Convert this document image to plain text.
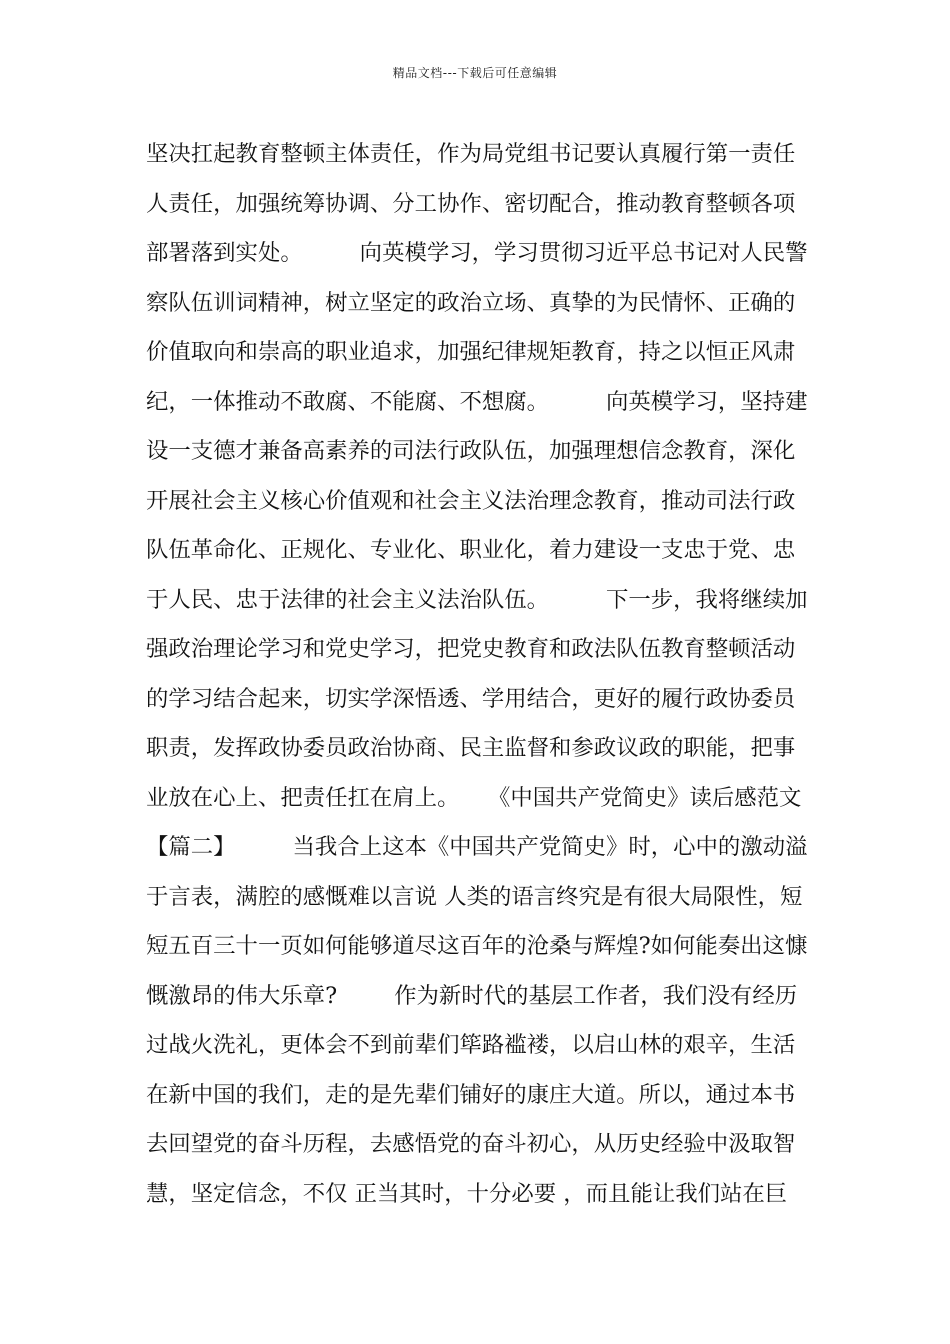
精品文档---下载后可任意编辑
坚决扛起教育整顿主体责任，作为局党组书记要认真履行第一责任
人责任，加强统筹协调、分工协作、密切配合，推动教育整顿各项
部署落到实处。        向英模学习，学习贯彻习近平总书记对人民警
察队伍训词精神，树立坚定的政治立场、真挚的为民情怀、正确的
价值取向和崇高的职业追求，加强纪律规矩教育，持之以恒正风肃
纪，一体推动不敢腐、不能腐、不想腐。        向英模学习，坚持建
设一支德才兼备高素养的司法行政队伍，加强理想信念教育，深化
开展社会主义核心价值观和社会主义法治理念教育，推动司法行政
队伍革命化、正规化、专业化、职业化，着力建设一支忠于党、忠
于人民、忠于法律的社会主义法治队伍。        下一步，我将继续加
强政治理论学习和党史学习，把党史教育和政法队伍教育整顿活动
的学习结合起来，切实学深悟透、学用结合，更好的履行政协委员
职责，发挥政协委员政治协商、民主监督和参政议政的职能，把事
业放在心上、把责任扛在肩上。    《中国共产党简史》读后感范文
【篇二】        当我合上这本《中国共产党简史》时，心中的激动溢
于言表，满腔的感慨难以言说 人类的语言终究是有很大局限性，短
短五百三十一页如何能够道尽这百年的沧桑与辉煌?如何能奏出这慷
慨激昂的伟大乐章?        作为新时代的基层工作者，我们没有经历
过战火洗礼，更体会不到前辈们筚路褴褛，以启山林的艰辛，生活
在新中国的我们，走的是先辈们铺好的康庄大道。所以，通过本书
去回望党的奋斗历程，去感悟党的奋斗初心，从历史经验中汲取智
慧，坚定信念，不仅 正当其时，十分必要 ，而且能让我们站在巨
